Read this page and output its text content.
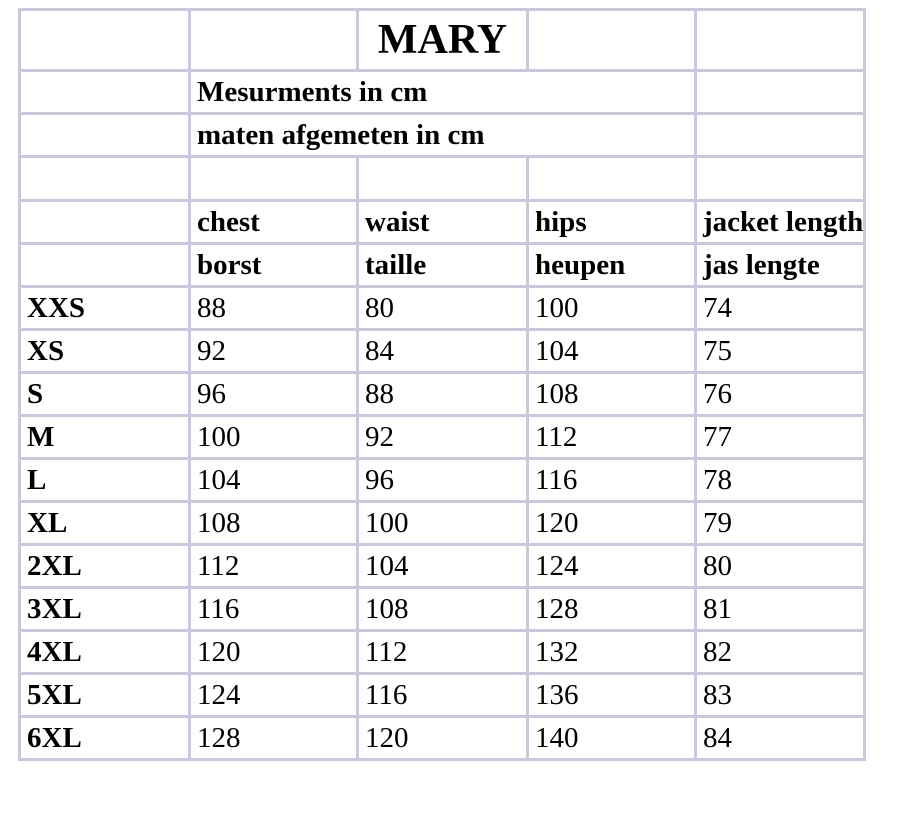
		MARY		
	Mesurments in cm			
	maten afgemeten in cm			

	chest	waist	hips	jacket length
	borst	taille	heupen	jas lengte
XXS	88	80	100	74
XS	92	84	104	75
S	96	88	108	76
M	100	92	112	77
L	104	96	116	78
XL	108	100	120	79
2XL	112	104	124	80
3XL	116	108	128	81
4XL	120	112	132	82
5XL	124	116	136	83
6XL	128	120	140	84
